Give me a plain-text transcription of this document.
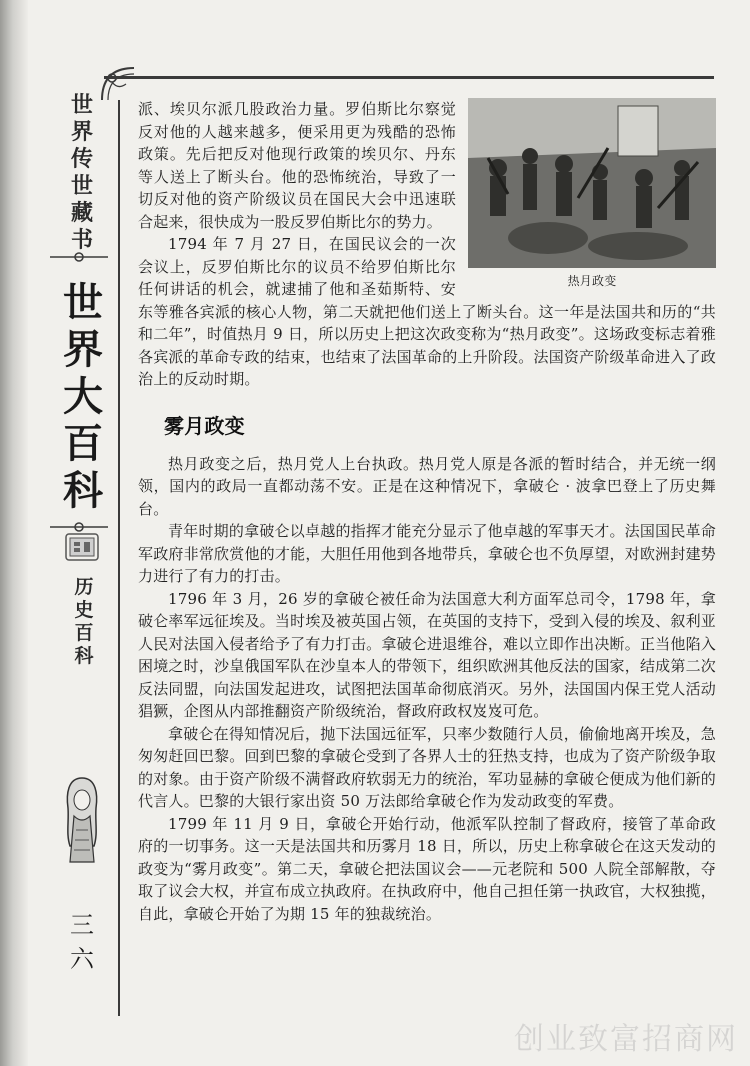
世界传世藏书
世界大百科
历史百科
三六
热月政变

派、埃贝尔派几股政治力量。罗伯斯比尔察觉反对他的人越来越多，便采用更为残酷的恐怖政策。先后把反对他现行政策的埃贝尔、丹东等人送上了断头台。他的恐怖统治，导致了一切反对他的资产阶级议员在国民大会中迅速联合起来，很快成为一股反罗伯斯比尔的势力。

1794 年 7 月 27 日，在国民议会的一次会议上，反罗伯斯比尔的议员不给罗伯斯比尔任何讲话的机会，就逮捕了他和圣茹斯特、安东等雅各宾派的核心人物，第二天就把他们送上了断头台。这一年是法国共和历的“共和二年”，时值热月 9 日，所以历史上把这次政变称为“热月政变”。这场政变标志着雅各宾派的革命专政的结束，也结束了法国革命的上升阶段。法国资产阶级革命进入了政治上的反动时期。

雾月政变

热月政变之后，热月党人上台执政。热月党人原是各派的暂时结合，并无统一纲领，国内的政局一直都动荡不安。正是在这种情况下，拿破仑 · 波拿巴登上了历史舞台。

青年时期的拿破仑以卓越的指挥才能充分显示了他卓越的军事天才。法国国民革命军政府非常欣赏他的才能，大胆任用他到各地带兵，拿破仑也不负厚望，对欧洲封建势力进行了有力的打击。

1796 年 3 月，26 岁的拿破仑被任命为法国意大利方面军总司令，1798 年，拿破仑率军远征埃及。当时埃及被英国占领，在英国的支持下，受到入侵的埃及、叙利亚人民对法国入侵者给予了有力打击。拿破仑进退维谷，难以立即作出决断。正当他陷入困境之时，沙皇俄国军队在沙皇本人的带领下，组织欧洲其他反法的国家，结成第二次反法同盟，向法国发起进攻，试图把法国革命彻底消灭。另外，法国国内保王党人活动猖獗，企图从内部推翻资产阶级统治，督政府政权岌岌可危。

拿破仑在得知情况后，抛下法国远征军，只率少数随行人员，偷偷地离开埃及，急匆匆赶回巴黎。回到巴黎的拿破仑受到了各界人士的狂热支持，也成为了资产阶级争取的对象。由于资产阶级不满督政府软弱无力的统治，军功显赫的拿破仑便成为他们新的代言人。巴黎的大银行家出资 50 万法郎给拿破仑作为发动政变的军费。

1799 年 11 月 9 日，拿破仑开始行动，他派军队控制了督政府，接管了革命政府的一切事务。这一天是法国共和历雾月 18 日，所以，历史上称拿破仑在这天发动的政变为“雾月政变”。第二天，拿破仑把法国议会——元老院和 500 人院全部解散，夺取了议会大权，并宣布成立执政府。在执政府中，他自己担任第一执政官，大权独揽，自此，拿破仑开始了为期 15 年的独裁统治。

创业致富招商网
